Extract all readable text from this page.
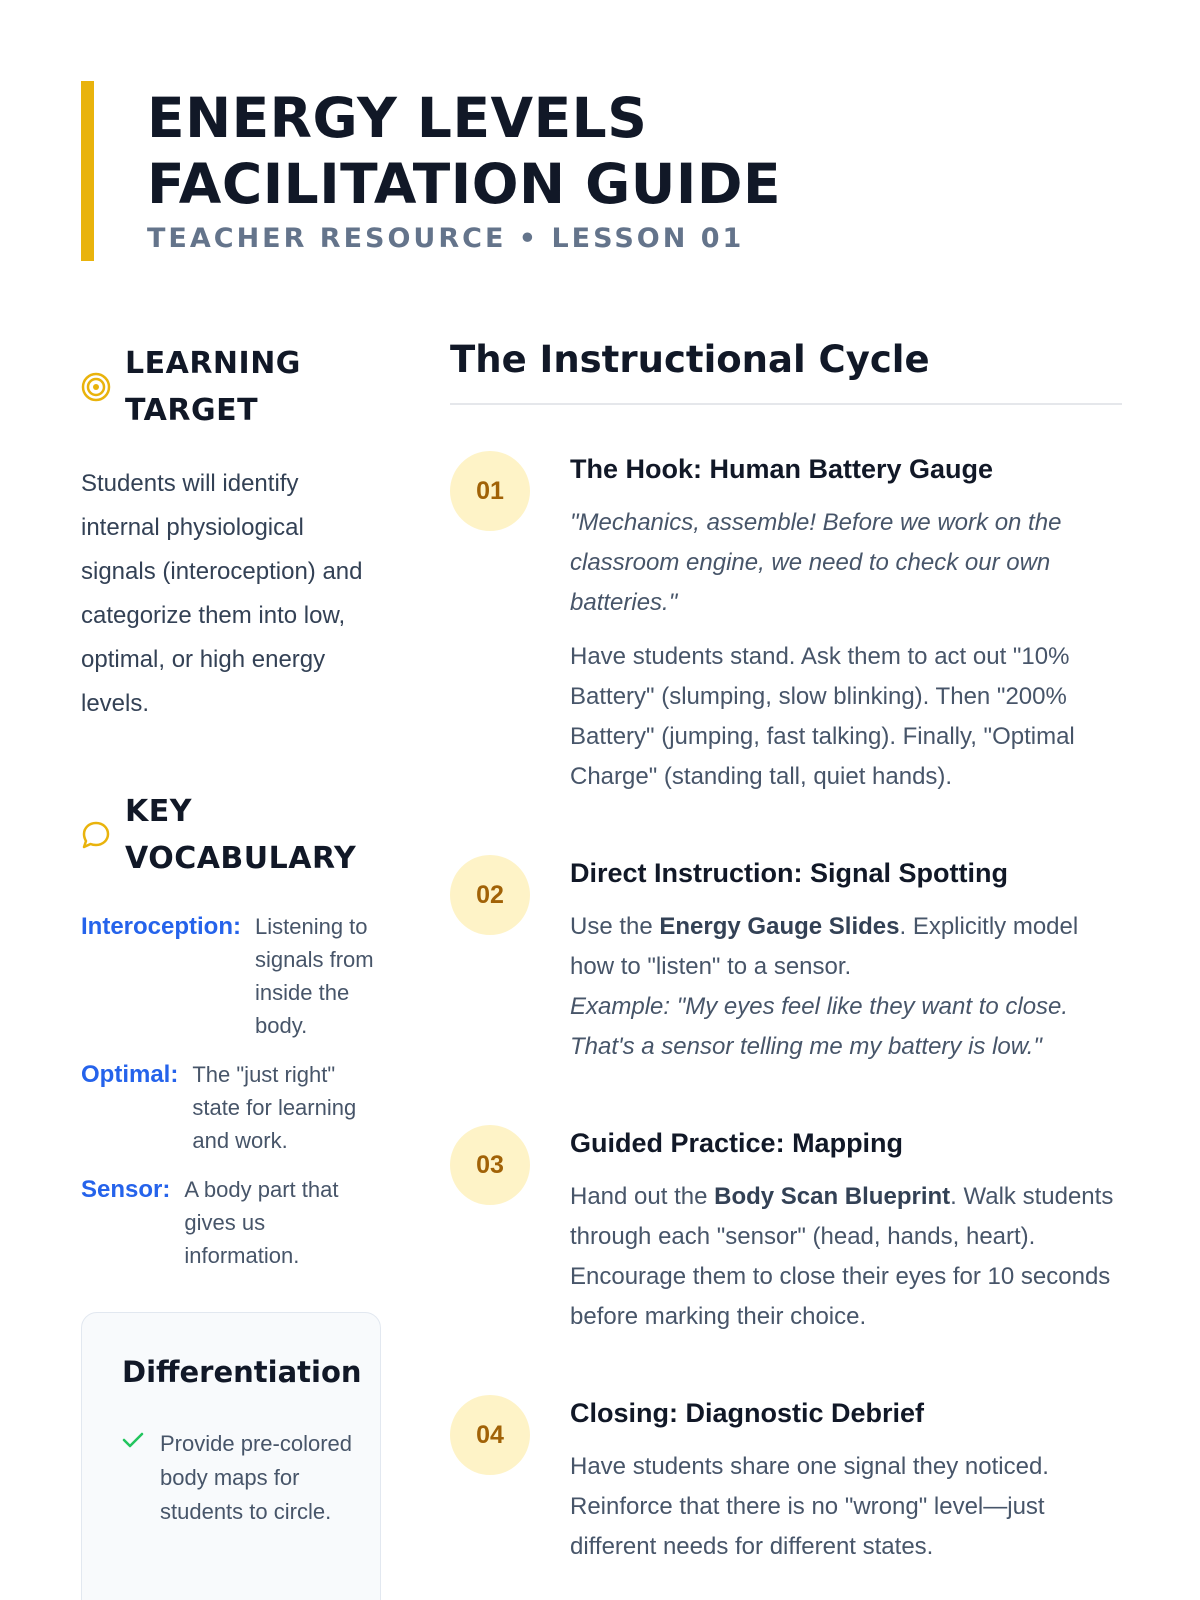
ENERGY LEVELS
FACILITATION GUIDE
TEACHER RESOURCE • LESSON 01
LEARNING
TARGET

Students will identify internal physiological signals (interoception) and categorize them into low, optimal, or high energy levels.

KEY
VOCABULARY
Interoception: Listening to signals from inside the body.
Optimal: The "just right" state for learning and work.
Sensor: A body part that gives us information.
Differentiation
Provide pre-colored body maps for students to circle.
The Instructional Cycle
01
The Hook: Human Battery Gauge

"Mechanics, assemble! Before we work on the classroom engine, we need to check our own batteries."

Have students stand. Ask them to act out "10% Battery" (slumping, slow blinking). Then "200% Battery" (jumping, fast talking). Finally, "Optimal Charge" (standing tall, quiet hands).

02
Direct Instruction: Signal Spotting

Use the Energy Gauge Slides. Explicitly model how to "listen" to a sensor.
Example: "My eyes feel like they want to close. That's a sensor telling me my battery is low."

03
Guided Practice: Mapping

Hand out the Body Scan Blueprint. Walk students through each "sensor" (head, hands, heart). Encourage them to close their eyes for 10 seconds before marking their choice.

04
Closing: Diagnostic Debrief

Have students share one signal they noticed. Reinforce that there is no "wrong" level—just different needs for different states.
